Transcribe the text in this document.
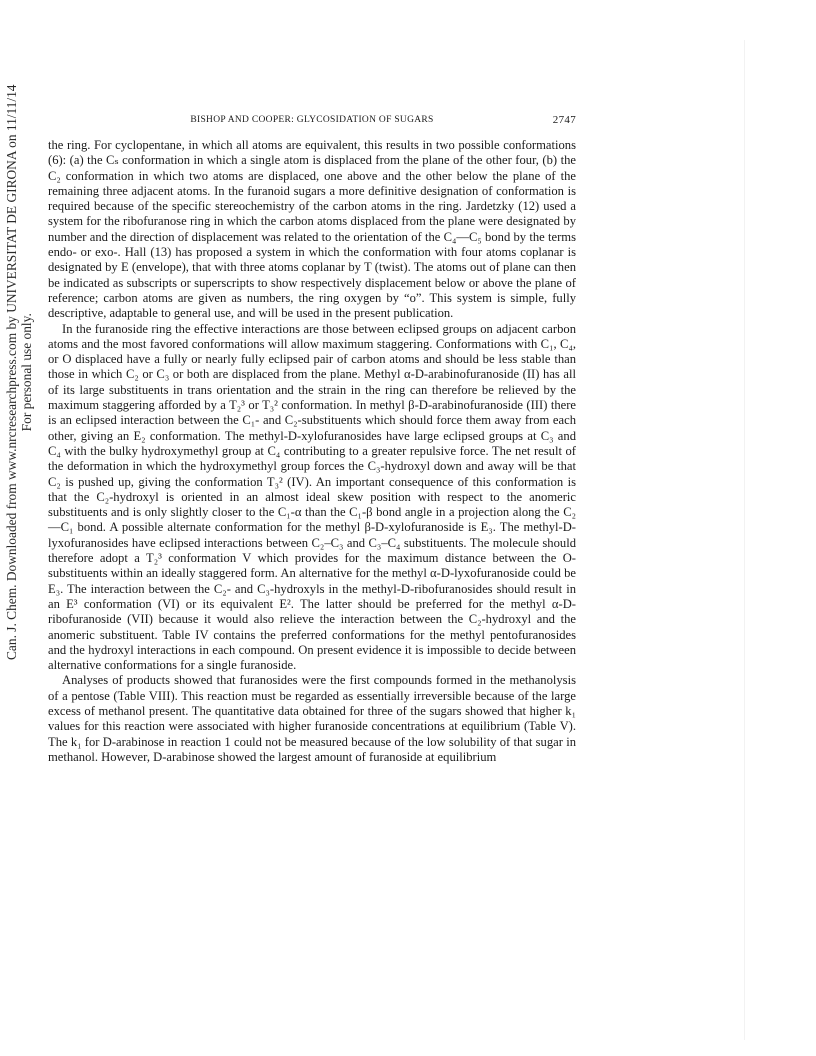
BISHOP AND COOPER: GLYCOSIDATION OF SUGARS	2747
Can. J. Chem. Downloaded from www.nrcresearchpress.com by UNIVERSITAT DE GIRONA on 11/11/14 For personal use only.

the ring. For cyclopentane, in which all atoms are equivalent, this results in two possible conformations (6): (a) the Cₛ conformation in which a single atom is displaced from the plane of the other four, (b) the C₂ conformation in which two atoms are displaced, one above and the other below the plane of the remaining three adjacent atoms. In the furanoid sugars a more definitive designation of conformation is required because of the specific stereochemistry of the carbon atoms in the ring. Jardetzky (12) used a system for the ribofuranose ring in which the carbon atoms displaced from the plane were designated by number and the direction of displacement was related to the orientation of the C₄—C₅ bond by the terms endo- or exo-. Hall (13) has proposed a system in which the conformation with four atoms coplanar is designated by E (envelope), that with three atoms coplanar by T (twist). The atoms out of plane can then be indicated as subscripts or superscripts to show respectively displacement below or above the plane of reference; carbon atoms are given as numbers, the ring oxygen by “o”. This system is simple, fully descriptive, adaptable to general use, and will be used in the present publication.

In the furanoside ring the effective interactions are those between eclipsed groups on adjacent carbon atoms and the most favored conformations will allow maximum staggering. Conformations with C₁, C₄, or O displaced have a fully or nearly fully eclipsed pair of carbon atoms and should be less stable than those in which C₂ or C₃ or both are displaced from the plane. Methyl α-D-arabinofuranoside (II) has all of its large substituents in trans orientation and the strain in the ring can therefore be relieved by the maximum staggering afforded by a T₂³ or T₃² conformation. In methyl β-D-arabinofuranoside (III) there is an eclipsed interaction between the C₁- and C₂-substituents which should force them away from each other, giving an E₂ conformation. The methyl-D-xylofuranosides have large eclipsed groups at C₃ and C₄ with the bulky hydroxymethyl group at C₄ contributing to a greater repulsive force. The net result of the deformation in which the hydroxymethyl group forces the C₃-hydroxyl down and away will be that C₂ is pushed up, giving the conformation T₃² (IV). An important consequence of this conformation is that the C₂-hydroxyl is oriented in an almost ideal skew position with respect to the anomeric substituents and is only slightly closer to the C₁-α than the C₁-β bond angle in a projection along the C₂—C₁ bond. A possible alternate conformation for the methyl β-D-xylofuranoside is E₃. The methyl-D-lyxofuranosides have eclipsed interactions between C₂–C₃ and C₃–C₄ substituents. The molecule should therefore adopt a T₂³ conformation V which provides for the maximum distance between the O-substituents within an ideally staggered form. An alternative for the methyl α-D-lyxofuranoside could be E₃. The interaction between the C₂- and C₃-hydroxyls in the methyl-D-ribofuranosides should result in an E³ conformation (VI) or its equivalent E². The latter should be preferred for the methyl α-D-ribofuranoside (VII) because it would also relieve the interaction between the C₂-hydroxyl and the anomeric substituent. Table IV contains the preferred conformations for the methyl pentofuranosides and the hydroxyl interactions in each compound. On present evidence it is impossible to decide between alternative conformations for a single furanoside.

Analyses of products showed that furanosides were the first compounds formed in the methanolysis of a pentose (Table VIII). This reaction must be regarded as essentially irreversible because of the large excess of methanol present. The quantitative data obtained for three of the sugars showed that higher k₁ values for this reaction were associated with higher furanoside concentrations at equilibrium (Table V). The k₁ for D-arabinose in reaction 1 could not be measured because of the low solubility of that sugar in methanol. However, D-arabinose showed the largest amount of furanoside at equilibrium
